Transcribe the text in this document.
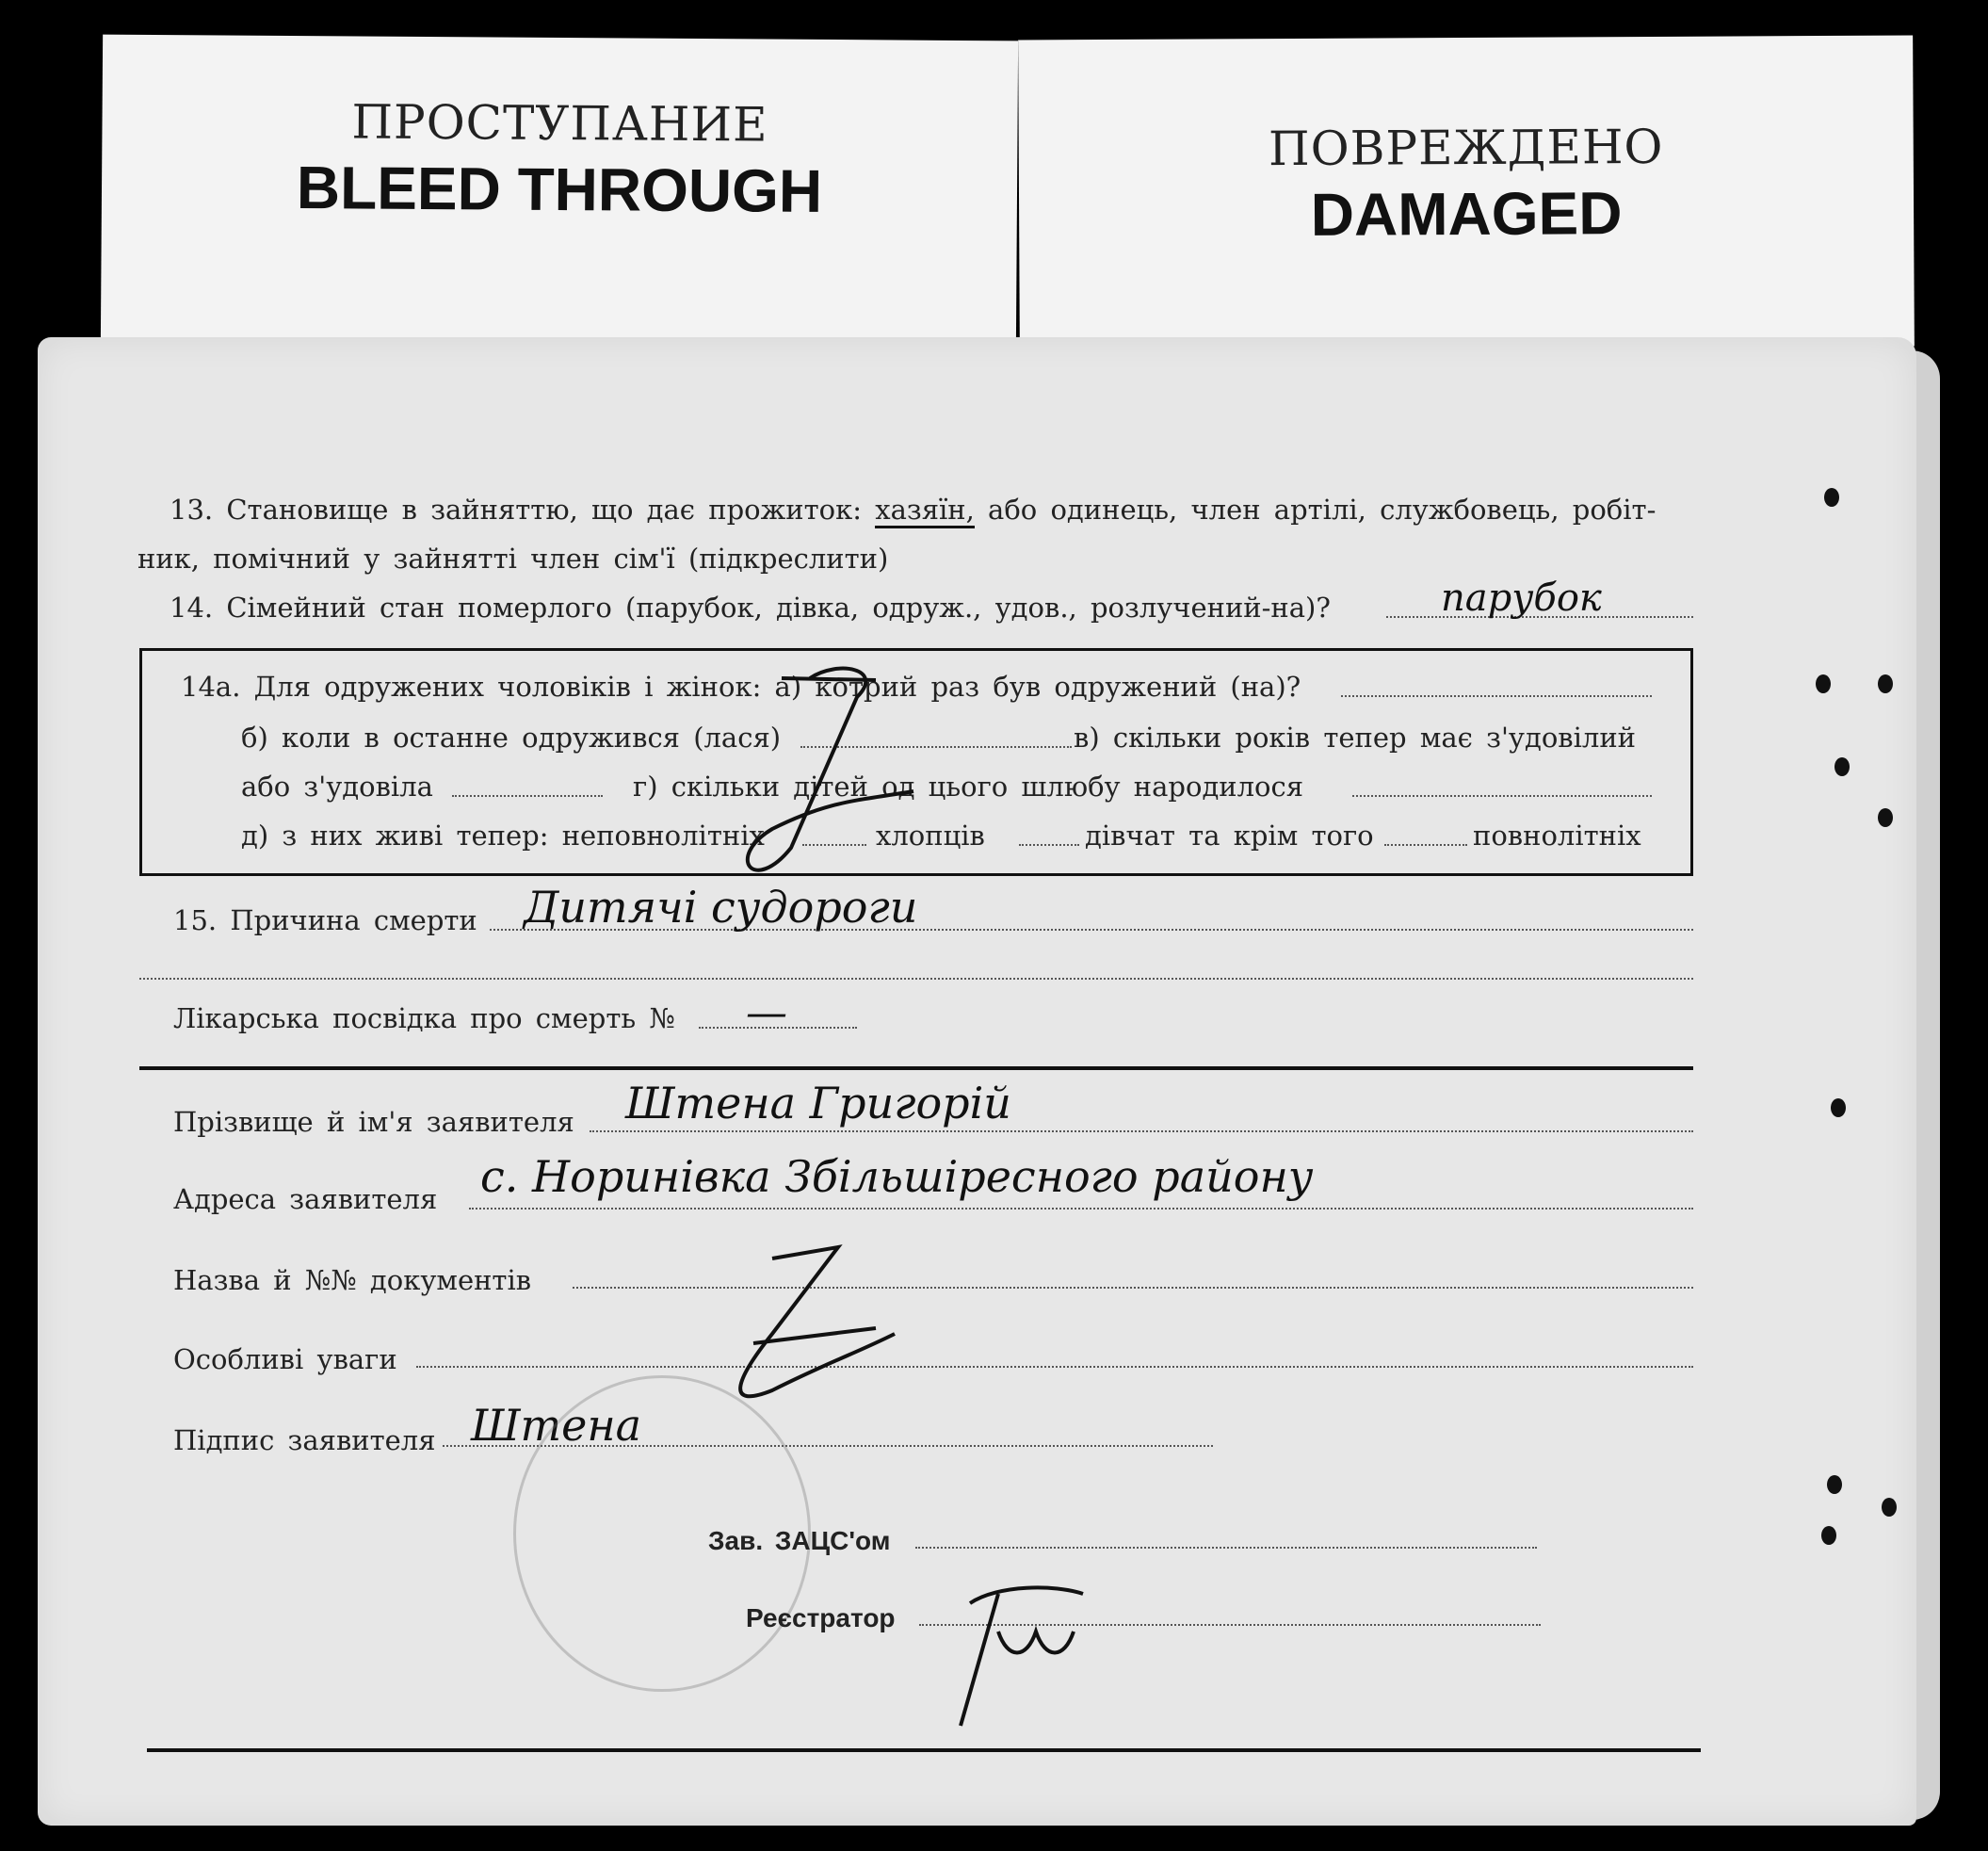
ПРОСТУПАНИЕ
BLEED THROUGH
ПОВРЕЖДЕНО
DAMAGED
13. Становище в зайняттю, що дає прожиток: хазяїн, або одинець, член артілі, службовець, робіт-
ник, помічний у зайнятті член сім'ї (підкреслити)
14. Сімейний стан померлого (парубок, дівка, одруж., удов., розлучений-на)?	парубок
14а. Для одружених чоловіків і жінок: а) котрий раз був одружений (на)?
б) коли в останне одружився (лася)	в) скільки років тепер має з'удовілий
або з'удовіла	г) скільки дітей од цього шлюбу народилося
д) з них живі тепер: неповнолітніх	хлопців	дівчат та крім того	повнолітніх
15. Причина смерти Дитячі судороги
Лікарська посвідка про смерть № —
Прізвище й ім'я заявителя Штена Григорій
Адреса заявителя с. Норинівка Збільшіресного району
Назва й №№ документів
Особливі уваги
Підпис заявителя Штена
Зав. ЗАЦС'ом
Реєстратор
